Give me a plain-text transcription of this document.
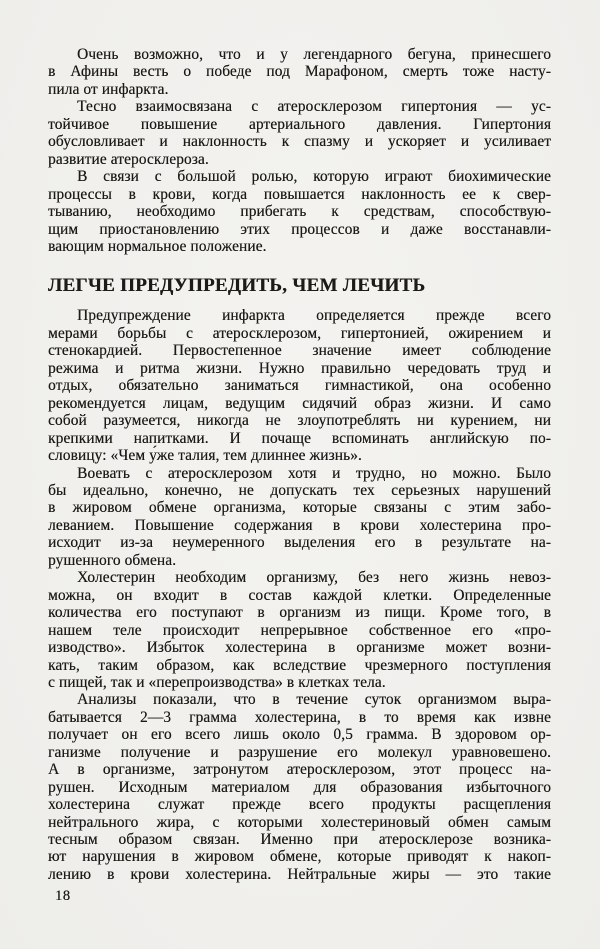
Очень возможно, что и у легендарного бегуна, принесшего
в Афины весть о победе под Марафоном, смерть тоже насту-
пила от инфаркта.
Тесно взаимосвязана с атеросклерозом гипертония — ус-
тойчивое повышение артериального давления. Гипертония
обусловливает и наклонность к спазму и ускоряет и усиливает
развитие атеросклероза.
В связи с большой ролью, которую играют биохимические
процессы в крови, когда повышается наклонность ее к свер-
тыванию, необходимо прибегать к средствам, способствую-
щим приостановлению этих процессов и даже восстанавли-
вающим нормальное положение.
ЛЕГЧЕ ПРЕДУПРЕДИТЬ, ЧЕМ ЛЕЧИТЬ
Предупреждение инфаркта определяется прежде всего
мерами борьбы с атеросклерозом, гипертонией, ожирением и
стенокардией. Первостепенное значение имеет соблюдение
режима и ритма жизни. Нужно правильно чередовать труд и
отдых, обязательно заниматься гимнастикой, она особенно
рекомендуется лицам, ведущим сидячий образ жизни. И само
собой разумеется, никогда не злоупотреблять ни курением, ни
крепкими напитками. И почаще вспоминать английскую по-
словицу: «Чем у́же талия, тем длиннее жизнь».
Воевать с атеросклерозом хотя и трудно, но можно. Было
бы идеально, конечно, не допускать тех серьезных нарушений
в жировом обмене организма, которые связаны с этим забо-
леванием. Повышение содержания в крови холестерина про-
исходит из-за неумеренного выделения его в результате на-
рушенного обмена.
Холестерин необходим организму, без него жизнь невоз-
можна, он входит в состав каждой клетки. Определенные
количества его поступают в организм из пищи. Кроме того, в
нашем теле происходит непрерывное собственное его «про-
изводство». Избыток холестерина в организме может возни-
кать, таким образом, как вследствие чрезмерного поступления
с пищей, так и «перепроизводства» в клетках тела.
Анализы показали, что в течение суток организмом выра-
батывается 2—3 грамма холестерина, в то время как извне
получает он его всего лишь около 0,5 грамма. В здоровом ор-
ганизме получение и разрушение его молекул уравновешено.
А в организме, затронутом атеросклерозом, этот процесс на-
рушен. Исходным материалом для образования избыточного
холестерина служат прежде всего продукты расщепления
нейтрального жира, с которыми холестериновый обмен самым
тесным образом связан. Именно при атеросклерозе возника-
ют нарушения в жировом обмене, которые приводят к накоп-
лению в крови холестерина. Нейтральные жиры — это такие
18
